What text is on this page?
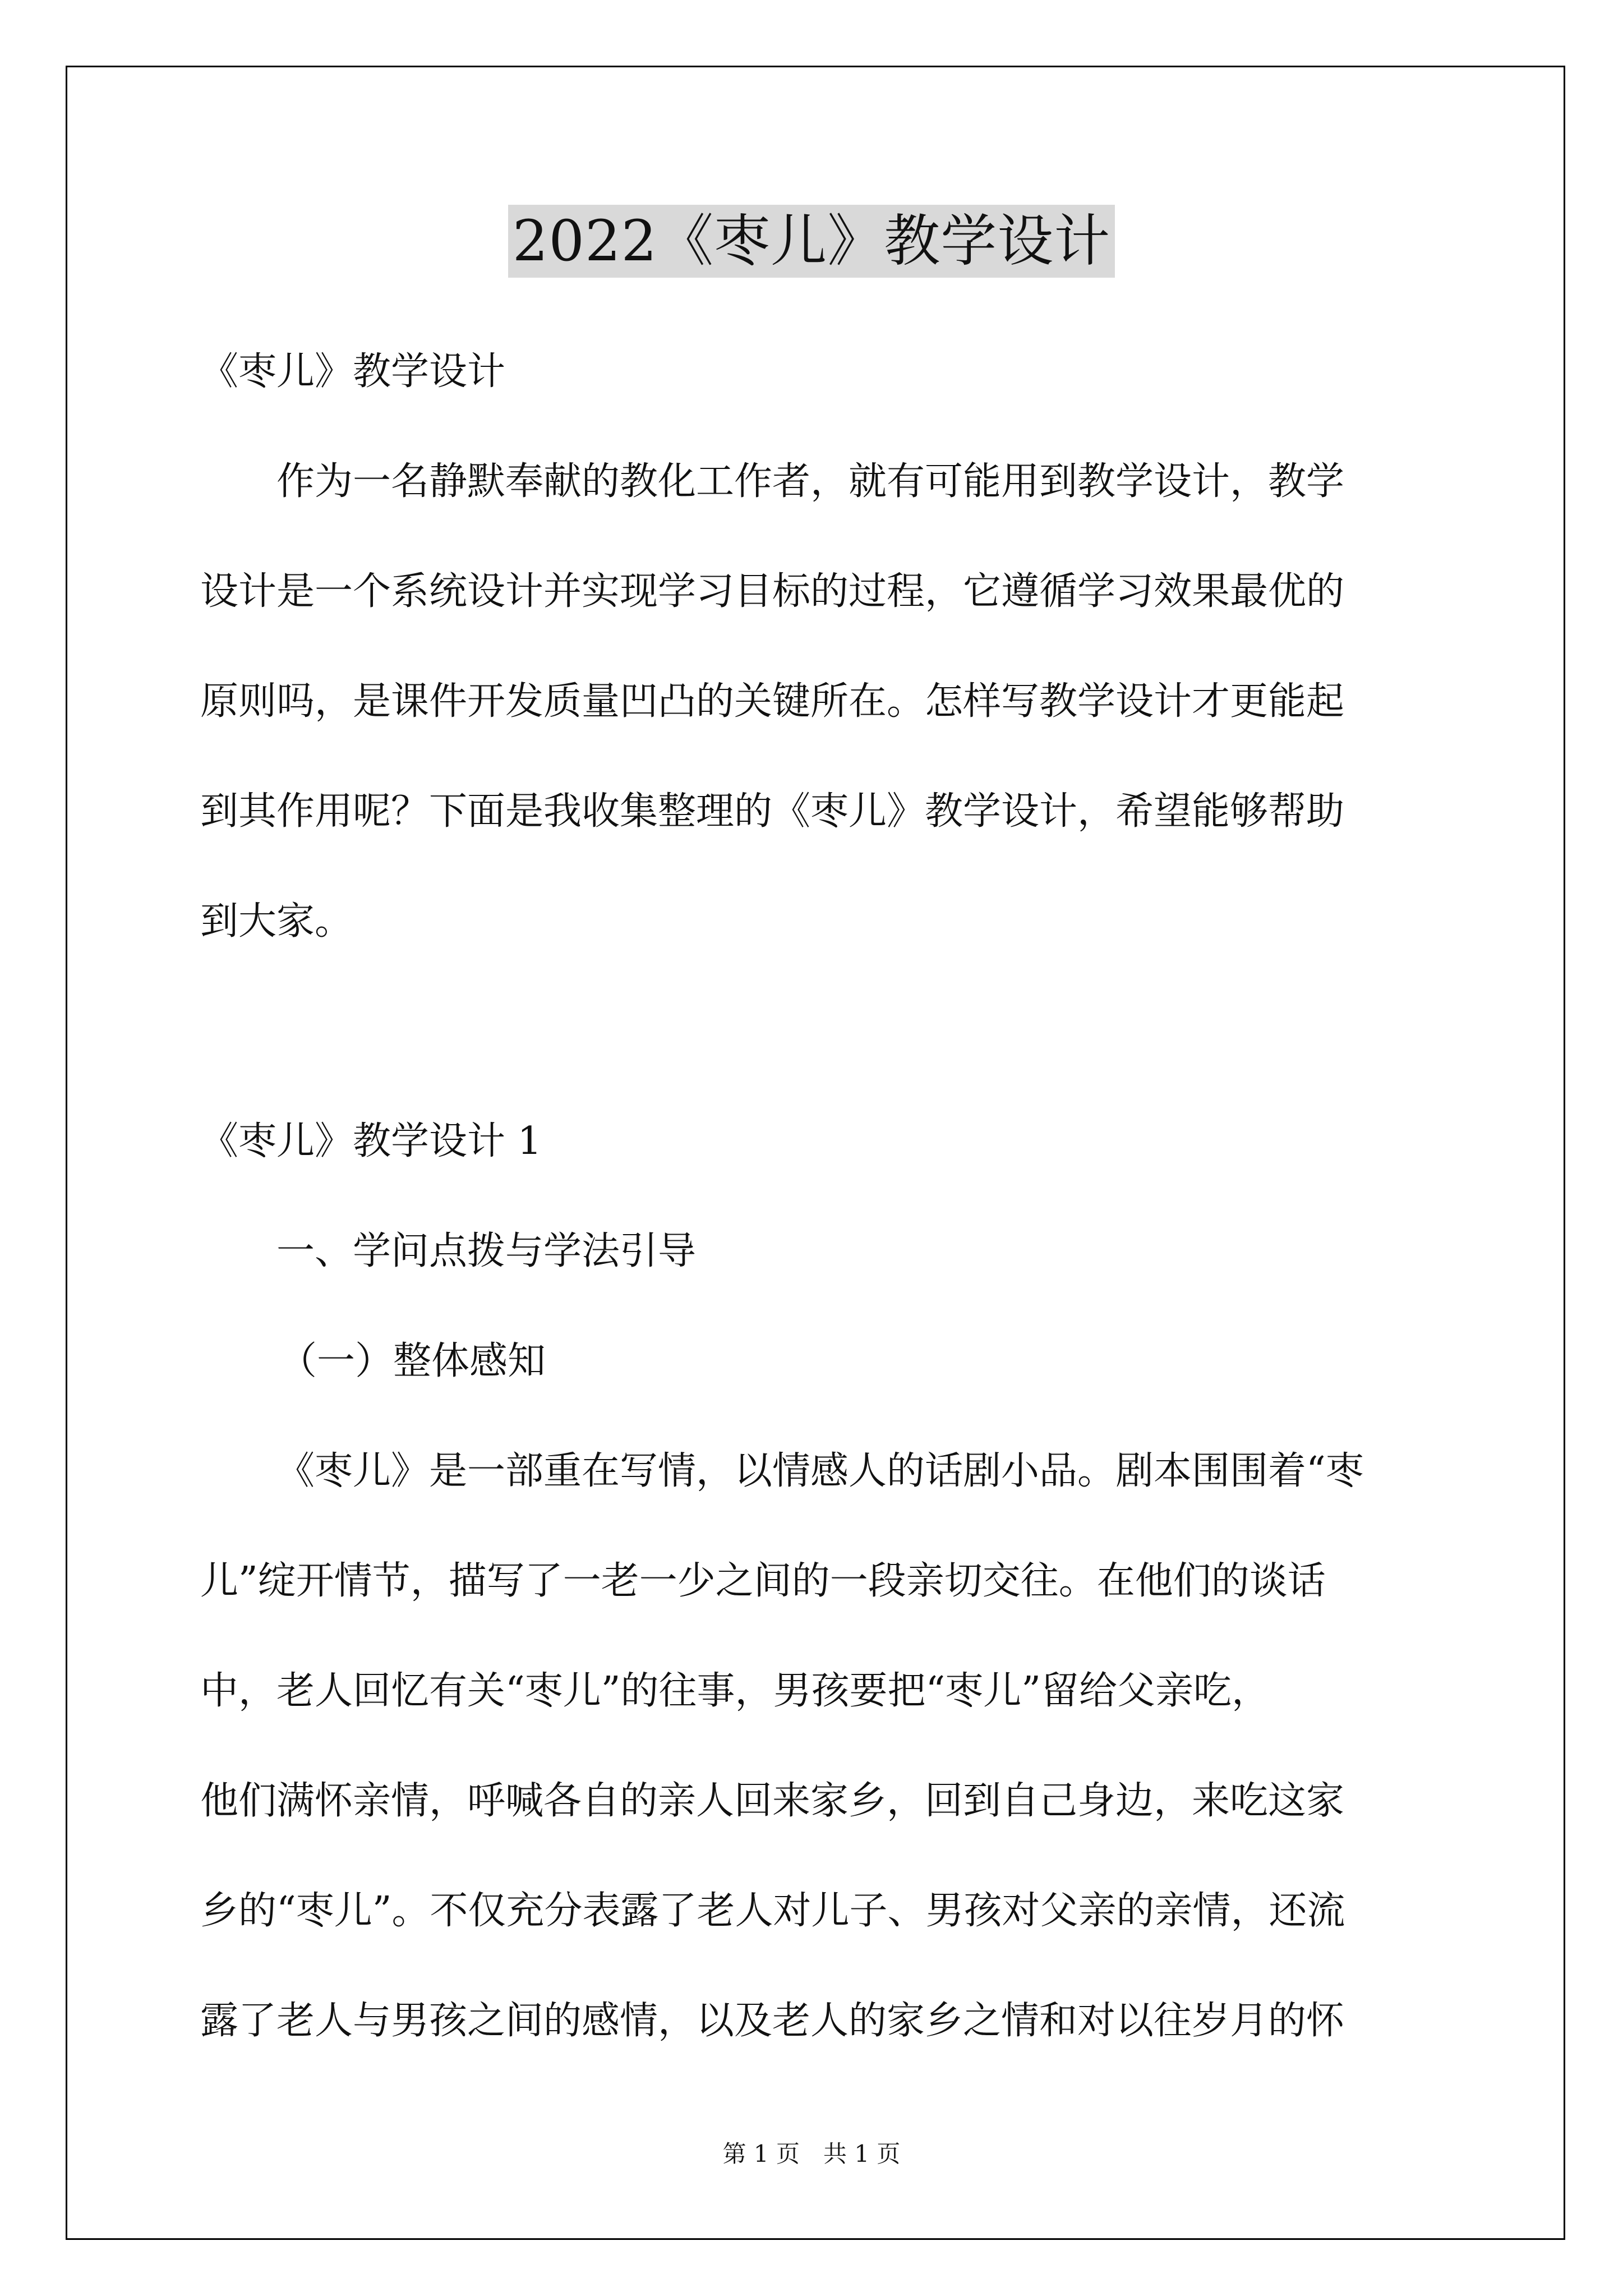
2022《枣儿》教学设计
《枣儿》教学设计
作为一名静默奉献的教化工作者，就有可能用到教学设计，教学
设计是一个系统设计并实现学习目标的过程，它遵循学习效果最优的
原则吗，是课件开发质量凹凸的关键所在。怎样写教学设计才更能起
到其作用呢？下面是我收集整理的《枣儿》教学设计，希望能够帮助
到大家。
《枣儿》教学设计 1
一、学问点拨与学法引导
（一）整体感知
《枣儿》是一部重在写情，以情感人的话剧小品。剧本围围着“枣
儿”绽开情节，描写了一老一少之间的一段亲切交往。在他们的谈话
中，老人回忆有关“枣儿”的往事，男孩要把“枣儿”留给父亲吃，
他们满怀亲情，呼喊各自的亲人回来家乡，回到自己身边，来吃这家
乡的“枣儿”。不仅充分表露了老人对儿子、男孩对父亲的亲情，还流
露了老人与男孩之间的感情，以及老人的家乡之情和对以往岁月的怀
第 1 页　共 1 页
